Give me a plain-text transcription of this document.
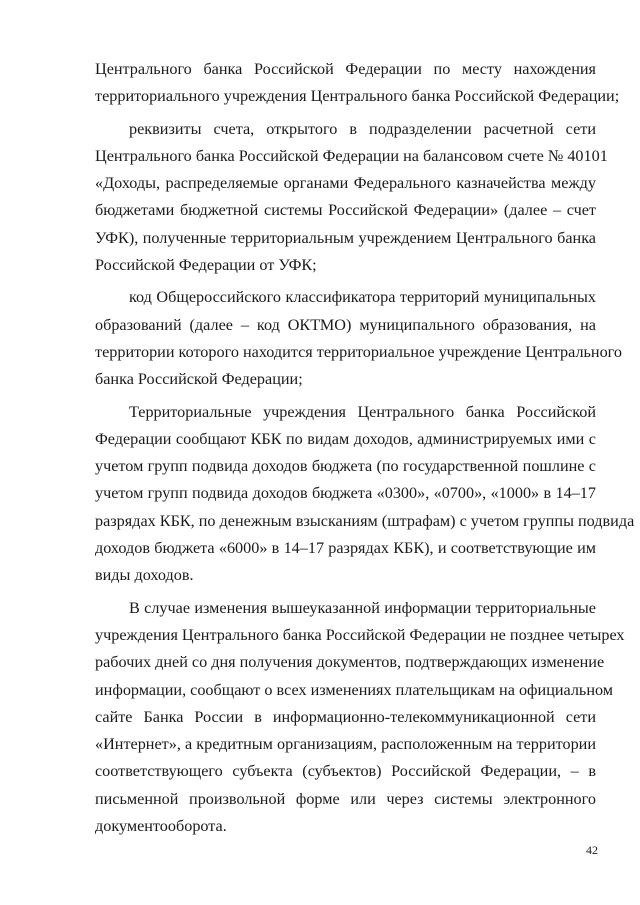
Центрального банка Российской Федерации по месту нахождения
территориального учреждения Центрального банка Российской Федерации;
реквизиты счета, открытого в подразделении расчетной сети
Центрального банка Российской Федерации на балансовом счете № 40101
«Доходы, распределяемые органами Федерального казначейства между
бюджетами бюджетной системы Российской Федерации» (далее – счет
УФК), полученные территориальным учреждением Центрального банка
Российской Федерации от УФК;
код Общероссийского классификатора территорий муниципальных
образований (далее – код ОКТМО) муниципального образования, на
территории которого находится территориальное учреждение Центрального
банка Российской Федерации;
Территориальные учреждения Центрального банка Российской
Федерации сообщают КБК по видам доходов, администрируемых ими с
учетом групп подвида доходов бюджета (по государственной пошлине с
учетом групп подвида доходов бюджета «0300», «0700», «1000» в 14–17
разрядах КБК, по денежным взысканиям (штрафам) с учетом группы подвида
доходов бюджета «6000» в 14–17 разрядах КБК), и соответствующие им
виды доходов.
В случае изменения вышеуказанной информации территориальные
учреждения Центрального банка Российской Федерации не позднее четырех
рабочих дней со дня получения документов, подтверждающих изменение
информации, сообщают о всех изменениях плательщикам на официальном
сайте Банка России в информационно-телекоммуникационной сети
«Интернет», а кредитным организациям, расположенным на территории
соответствующего субъекта (субъектов) Российской Федерации, – в
письменной произвольной форме или через системы электронного
документооборота.
42
